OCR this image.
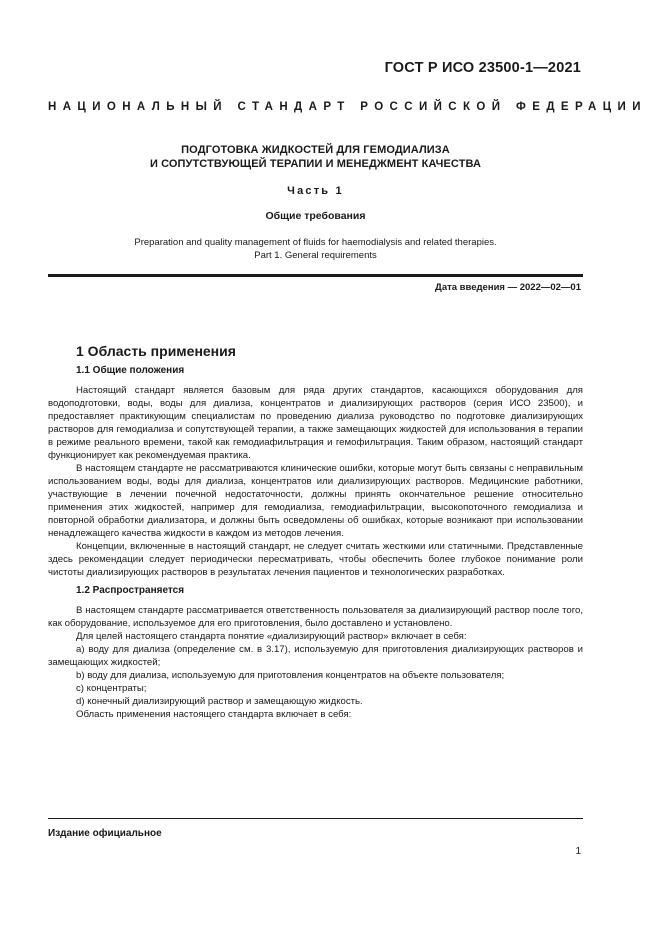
ГОСТ Р ИСО 23500-1—2021
НАЦИОНАЛЬНЫЙ СТАНДАРТ РОССИЙСКОЙ ФЕДЕРАЦИИ
ПОДГОТОВКА ЖИДКОСТЕЙ ДЛЯ ГЕМОДИАЛИЗА
И СОПУТСТВУЮЩЕЙ ТЕРАПИИ И МЕНЕДЖМЕНТ КАЧЕСТВА
Часть 1
Общие требования
Preparation and quality management of fluids for haemodialysis and related therapies.
Part 1. General requirements
Дата введения — 2022—02—01
1 Область применения
1.1 Общие положения

Настоящий стандарт является базовым для ряда других стандартов, касающихся оборудования для водоподготовки, воды, воды для диализа, концентратов и диализирующих растворов (серия ИСО 23500), и предоставляет практикующим специалистам по проведению диализа руководство по подготовке диализирующих растворов для гемодиализа и сопутствующей терапии, а также замещающих жидкостей для использования в терапии в режиме реального времени, такой как гемодиафильтрация и гемофильтрация. Таким образом, настоящий стандарт функционирует как рекомендуемая практика.

В настоящем стандарте не рассматриваются клинические ошибки, которые могут быть связаны с неправильным использованием воды, воды для диализа, концентратов или диализирующих растворов. Медицинские работники, участвующие в лечении почечной недостаточности, должны принять окончательное решение относительно применения этих жидкостей, например для гемодиализа, гемодиафильтрации, высокопоточного гемодиализа и повторной обработки диализатора, и должны быть осведомлены об ошибках, которые возникают при использовании ненадлежащего качества жидкости в каждом из методов лечения.

Концепции, включенные в настоящий стандарт, не следует считать жесткими или статичными. Представленные здесь рекомендации следует периодически пересматривать, чтобы обеспечить более глубокое понимание роли чистоты диализирующих растворов в результатах лечения пациентов и технологических разработках.

1.2 Распространяется

В настоящем стандарте рассматривается ответственность пользователя за диализирующий раствор после того, как оборудование, используемое для его приготовления, было доставлено и установлено.

Для целей настоящего стандарта понятие «диализирующий раствор» включает в себя:

a) воду для диализа (определение см. в 3.17), используемую для приготовления диализирующих растворов и замещающих жидкостей;

b) воду для диализа, используемую для приготовления концентратов на объекте пользователя;

c) концентраты;

d) конечный диализирующий раствор и замещающую жидкость.

Область применения настоящего стандарта включает в себя:

Издание официальное
1
